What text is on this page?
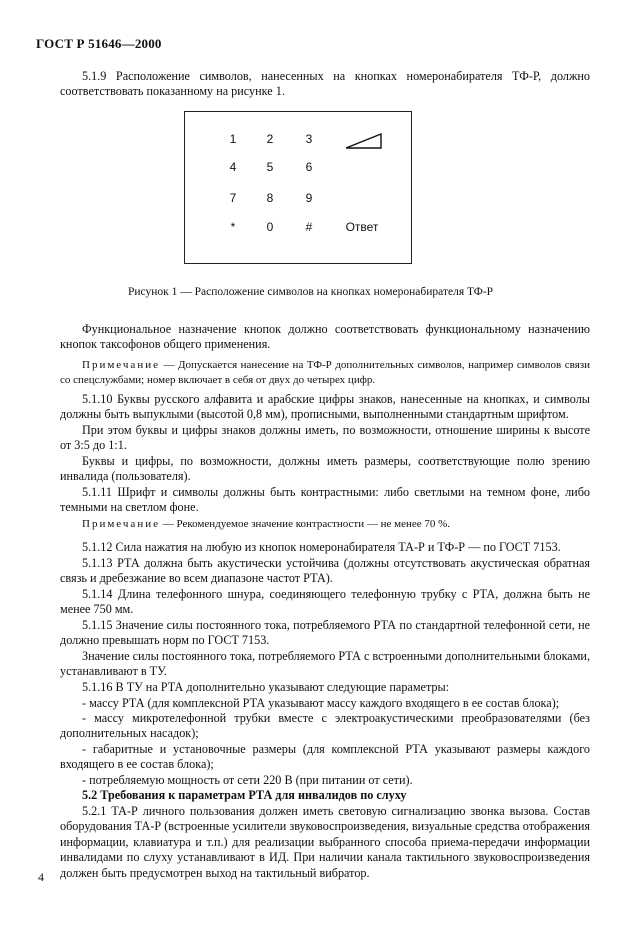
ГОСТ Р 51646—2000

5.1.9 Расположение символов, нанесенных на кнопках номеронабирателя ТФ-Р, должно соответствовать показанному на рисунке 1.

1	2	3
4	5	6
7	8	9
*	0	#	Ответ
Рисунок 1 — Расположение символов на кнопках номеронабирателя ТФ-Р

Функциональное назначение кнопок должно соответствовать функциональному назначению кнопок таксофонов общего применения.

Примечание — Допускается нанесение на ТФ-Р дополнительных символов, например символов связи со спецслужбами; номер включает в себя от двух до четырех цифр.

5.1.10 Буквы русского алфавита и арабские цифры знаков, нанесенные на кнопках, и символы должны быть выпуклыми (высотой 0,8 мм), прописными, выполненными стандартным шрифтом.

При этом буквы и цифры знаков должны иметь, по возможности, отношение ширины к высоте от 3:5 до 1:1.

Буквы и цифры, по возможности, должны иметь размеры, соответствующие полю зрению инвалида (пользователя).

5.1.11 Шрифт и символы должны быть контрастными: либо светлыми на темном фоне, либо темными на светлом фоне.

Примечание — Рекомендуемое значение контрастности — не менее 70 %.

5.1.12 Сила нажатия на любую из кнопок номеронабирателя ТА-Р и ТФ-Р — по ГОСТ 7153.

5.1.13 РТА должна быть акустически устойчива (должны отсутствовать акустическая обратная связь и дребезжание во всем диапазоне частот РТА).

5.1.14 Длина телефонного шнура, соединяющего телефонную трубку с РТА, должна быть не менее 750 мм.

5.1.15 Значение силы постоянного тока, потребляемого РТА по стандартной телефонной сети, не должно превышать норм по ГОСТ 7153.

Значение силы постоянного тока, потребляемого РТА с встроенными дополнительными блоками, устанавливают в ТУ.

5.1.16 В ТУ на РТА дополнительно указывают следующие параметры:

- массу РТА (для комплексной РТА указывают массу каждого входящего в ее состав блока);

- массу микротелефонной трубки вместе с электроакустическими преобразователями (без дополнительных насадок);

- габаритные и установочные размеры (для комплексной РТА указывают размеры каждого входящего в ее состав блока);

- потребляемую мощность от сети 220 В (при питании от сети).

5.2 Требования к параметрам РТА для инвалидов по слуху

5.2.1 ТА-Р личного пользования должен иметь световую сигнализацию звонка вызова. Состав оборудования ТА-Р (встроенные усилители звуковоспроизведения, визуальные средства отображения информации, клавиатура и т.п.) для реализации выбранного способа приема-передачи информации инвалидами по слуху устанавливают в ИД. При наличии канала тактильного звуковоспроизведения должен быть предусмотрен выход на тактильный вибратор.

4
